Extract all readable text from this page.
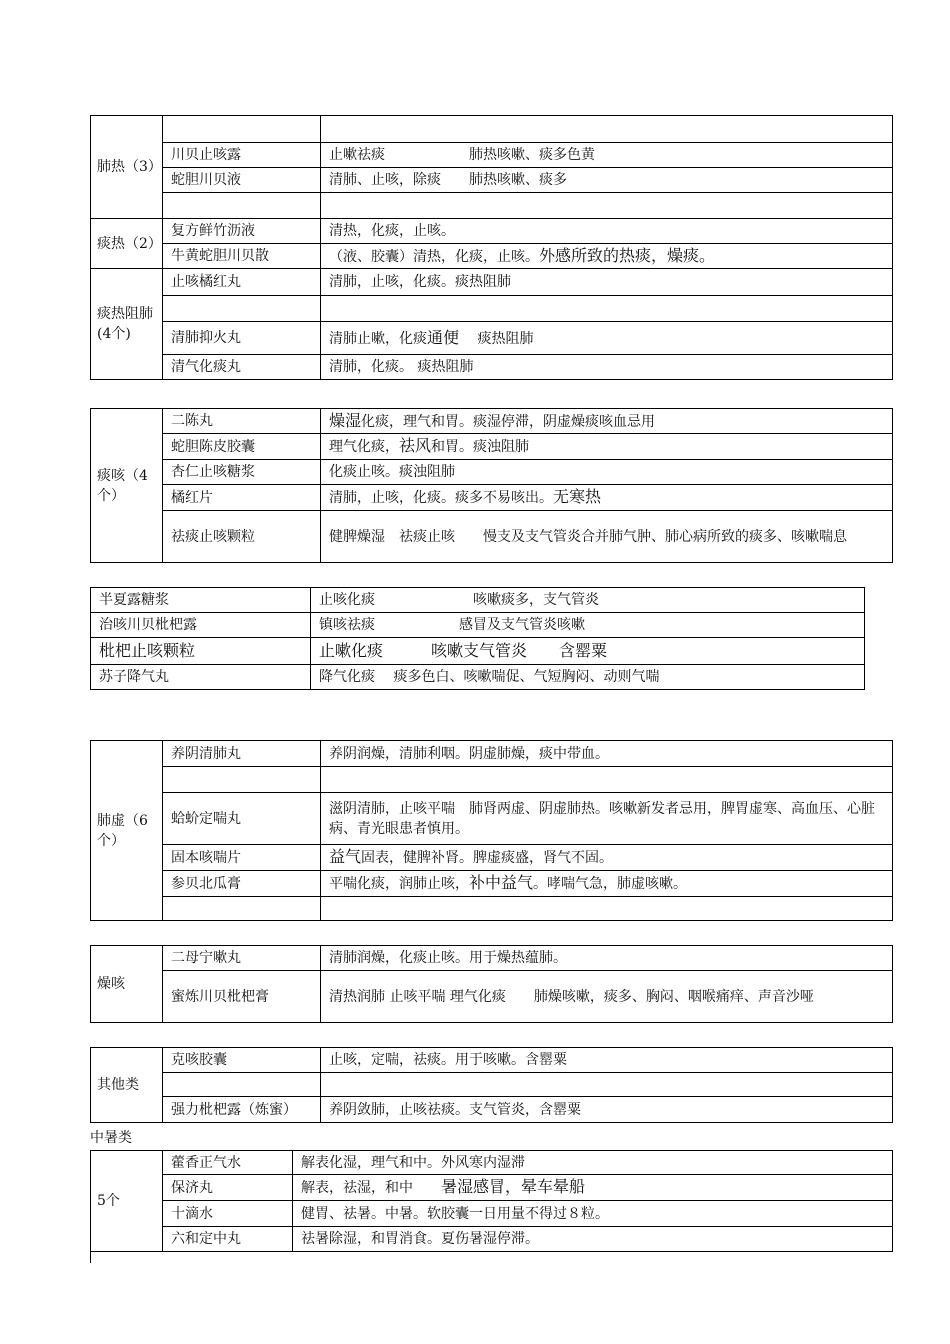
肺热（3）		
	川贝止咳露	止嗽祛痰　　　　　　肺热咳嗽、痰多色黄
	蛇胆川贝液	清肺、止咳，除痰　　肺热咳嗽、痰多

痰热（2）	复方鲜竹沥液	清热，化痰，止咳。
	牛黄蛇胆川贝散	（液、胶囊）清热，化痰，止咳。外感所致的热痰，燥痰。
痰热阻肺(4个)	止咳橘红丸	清肺，止咳，化痰。痰热阻肺

	清肺抑火丸	清肺止嗽，化痰通便　 痰热阻肺
	清气化痰丸	清肺，化痰。 痰热阻肺
痰咳（4个）	二陈丸	燥湿化痰，理气和胃。痰湿停滞，阴虚燥痰咳血忌用
	蛇胆陈皮胶囊	理气化痰，祛风和胃。痰浊阻肺
	杏仁止咳糖浆	化痰止咳。痰浊阻肺
	橘红片	清肺，止咳，化痰。痰多不易咳出。无寒热
	祛痰止咳颗粒	健脾燥湿　祛痰止咳　　慢支及支气管炎合并肺气肿、肺心病所致的痰多、咳嗽喘息
半夏露糖浆	止咳化痰　　　　　　　咳嗽痰多，支气管炎
治咳川贝枇杷露	镇咳祛痰　　　　　　感冒及支气管炎咳嗽
枇杷止咳颗粒	止嗽化痰　　　咳嗽支气管炎　　含罂粟
苏子降气丸	降气化痰　 痰多色白、咳嗽喘促、气短胸闷、动则气喘
肺虚（6个）	养阴清肺丸	养阴润燥，清肺利咽。阴虚肺燥，痰中带血。

	蛤蚧定喘丸	滋阴清肺，止咳平喘　肺肾两虚、阴虚肺热。咳嗽新发者忌用，脾胃虚寒、高血压、心脏病、青光眼患者慎用。
	固本咳喘片	益气固表，健脾补肾。脾虚痰盛，肾气不固。
	参贝北瓜膏	平喘化痰，润肺止咳，补中益气。哮喘气急，肺虚咳嗽。

燥咳	二母宁嗽丸	清肺润燥，化痰止咳。用于燥热蕴肺。
	蜜炼川贝枇杷膏	清热润肺 止咳平喘 理气化痰　　肺燥咳嗽，痰多、胸闷、咽喉痛痒、声音沙哑
其他类	克咳胶囊	止咳，定喘，祛痰。用于咳嗽。含罂粟

	强力枇杷露（炼蜜）	养阴敛肺，止咳祛痰。支气管炎，含罂粟
中暑类
5个	藿香正气水	解表化湿，理气和中。外风寒内湿滞
	保济丸	解表，祛湿，和中　　暑湿感冒，晕车晕船
	十滴水	健胃、祛暑。中暑。软胶囊一日用量不得过８粒。
	六和定中丸	祛暑除湿，和胃消食。夏伤暑湿停滞。
